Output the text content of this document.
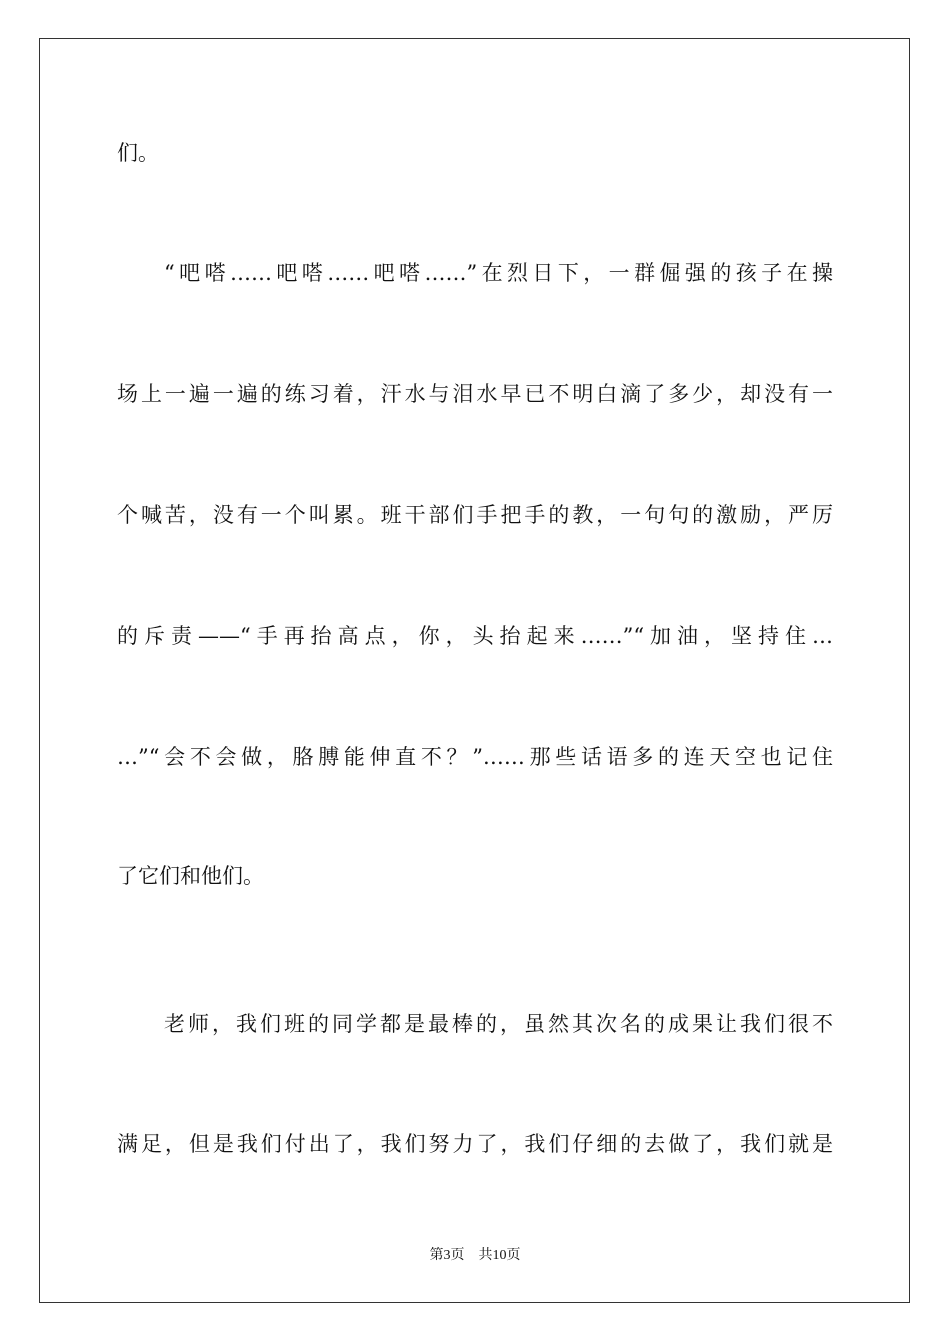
们。
“吧嗒……吧嗒……吧嗒……”在烈日下，一群倔强的孩子在操
场上一遍一遍的练习着，汗水与泪水早已不明白滴了多少，却没有一
个喊苦，没有一个叫累。班干部们手把手的教，一句句的激励，严厉
的斥责——“手再抬高点，你，头抬起来……”“加油，坚持住…
…”“会不会做，胳膊能伸直不？”……那些话语多的连天空也记住
了它们和他们。
老师，我们班的同学都是最棒的，虽然其次名的成果让我们很不
满足，但是我们付出了，我们努力了，我们仔细的去做了，我们就是
第3页 共10页
